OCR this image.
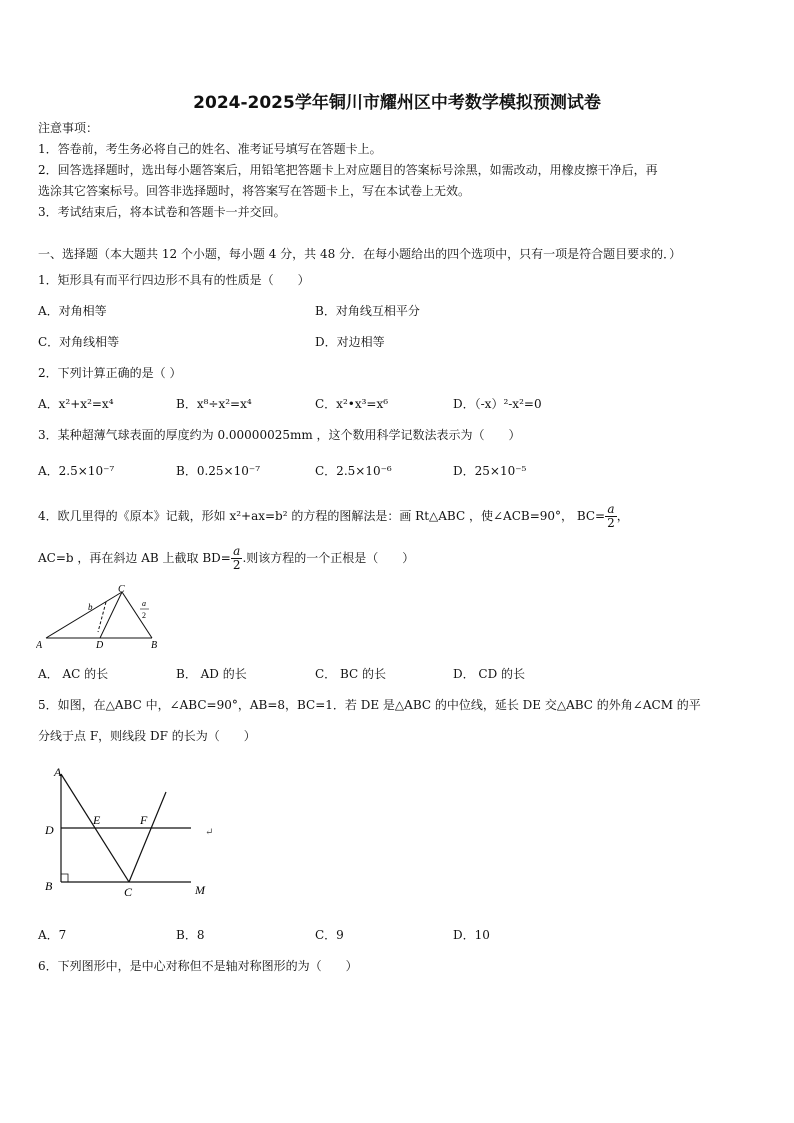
2024-2025学年铜川市耀州区中考数学模拟预测试卷
注意事项：
1．答卷前，考生务必将自己的姓名、准考证号填写在答题卡上。
2．回答选择题时，选出每小题答案后，用铅笔把答题卡上对应题目的答案标号涂黑，如需改动，用橡皮擦干净后，再
选涂其它答案标号。回答非选择题时，将答案写在答题卡上，写在本试卷上无效。
3．考试结束后，将本试卷和答题卡一并交回。
一、选择题（本大题共 12 个小题，每小题 4 分，共 48 分．在每小题给出的四个选项中，只有一项是符合题目要求的．）
1．矩形具有而平行四边形不具有的性质是（　　）
A．对角相等	B．对角线互相平分
C．对角线相等	D．对边相等
2．下列计算正确的是（ ）
A．x²+x²=x⁴	B．x⁸÷x²=x⁴	C．x²•x³=x⁶	D．（-x）²-x²=0
3．某种超薄气球表面的厚度约为 0.00000025mm ，这个数用科学记数法表示为（　　）
A．2.5×10⁻⁷	B．0.25×10⁻⁷	C．2.5×10⁻⁶	D．25×10⁻⁵
4．欧几里得的《原本》记载，形如 x²+ax=b² 的方程的图解法是：画 Rt△ABC ，使∠ACB=90°， $BC= \frac{a}{2}$ ，
AC=b ，再在斜边 AB 上截取 $BD= \frac{a}{2}$ .则该方程的一个正根是（　　）
A	B
C
D
b	a
2
A． AC 的长	B． AD 的长	C． BC 的长	D． CD 的长
5．如图，在△ABC 中，∠ABC=90°，AB=8，BC=1．若 DE 是△ABC 的中位线，延长 DE 交△ABC 的外角∠ACM 的平
分线于点 F，则线段 DF 的长为（　　）
A
D
B
E	F
C	M
↵
A．7	B．8	C．9	D．10
6．下列图形中，是中心对称但不是轴对称图形的为（　　）
